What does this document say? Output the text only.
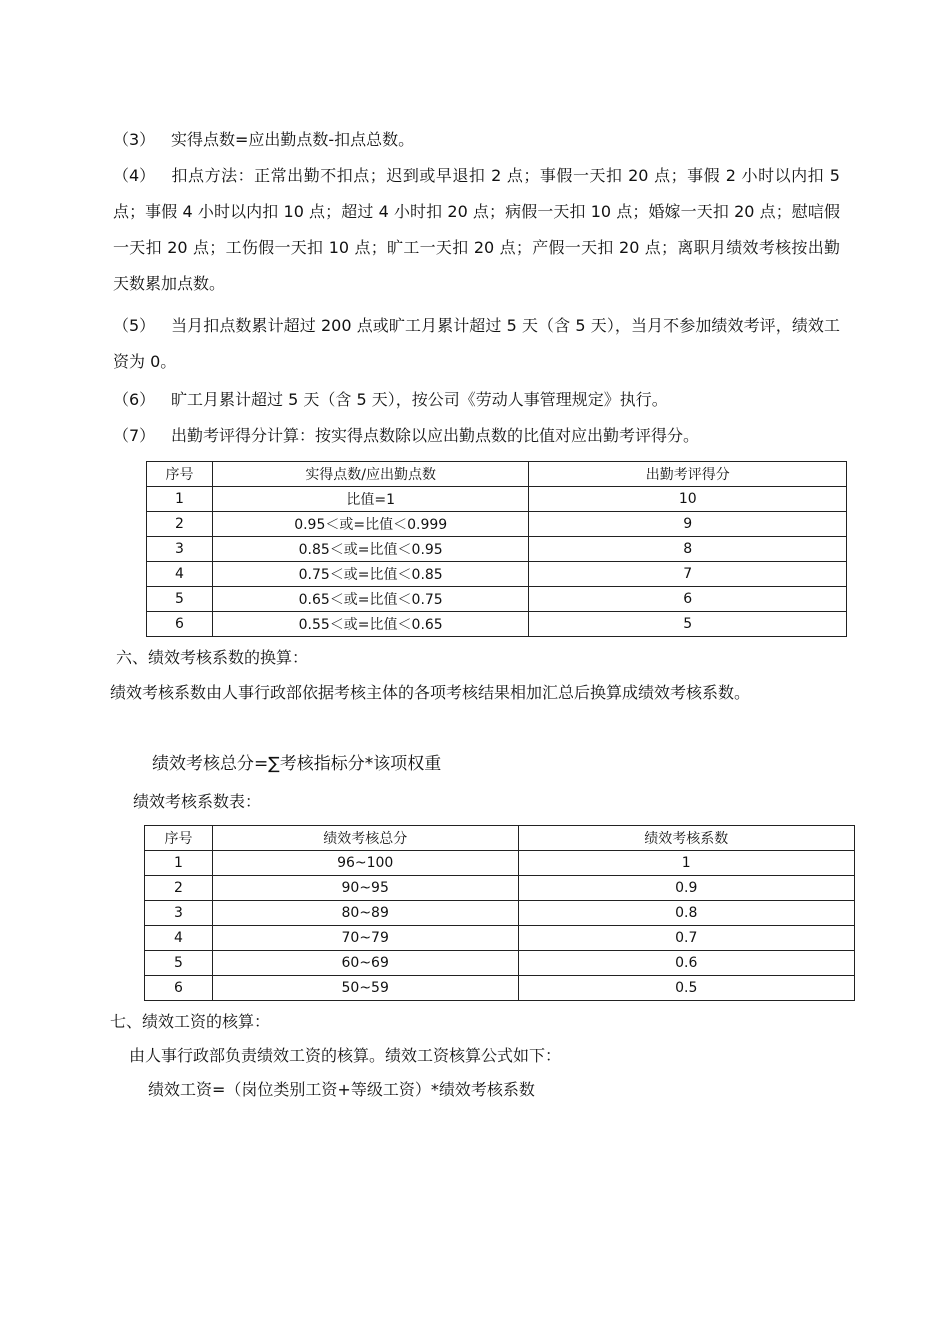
（3） 实得点数=应出勤点数-扣点总数。
（4） 扣点方法：正常出勤不扣点；迟到或早退扣 2 点；事假一天扣 20 点；事假 2 小时以内扣 5 点；事假 4 小时以内扣 10 点；超过 4 小时扣 20 点；病假一天扣 10 点；婚嫁一天扣 20 点；慰唁假一天扣 20 点；工伤假一天扣 10 点；旷工一天扣 20 点；产假一天扣 20 点；离职月绩效考核按出勤天数累加点数。
（5） 当月扣点数累计超过 200 点或旷工月累计超过 5 天（含 5 天），当月不参加绩效考评，绩效工资为 0。
（6） 旷工月累计超过 5 天（含 5 天），按公司《劳动人事管理规定》执行。
（7） 出勤考评得分计算：按实得点数除以应出勤点数的比值对应出勤考评得分。
序号	实得点数/应出勤点数	出勤考评得分
1	比值=1	10
2	0.95＜或=比值＜0.999	9
3	0.85＜或=比值＜0.95	8
4	0.75＜或=比值＜0.85	7
5	0.65＜或=比值＜0.75	6
6	0.55＜或=比值＜0.65	5
六、绩效考核系数的换算：
绩效考核系数由人事行政部依据考核主体的各项考核结果相加汇总后换算成绩效考核系数。
绩效考核总分=∑考核指标分*该项权重
绩效考核系数表：
序号	绩效考核总分	绩效考核系数
1	96~100	1
2	90~95	0.9
3	80~89	0.8
4	70~79	0.7
5	60~69	0.6
6	50~59	0.5
七、绩效工资的核算：
由人事行政部负责绩效工资的核算。绩效工资核算公式如下：
绩效工资=（岗位类别工资+等级工资）*绩效考核系数
